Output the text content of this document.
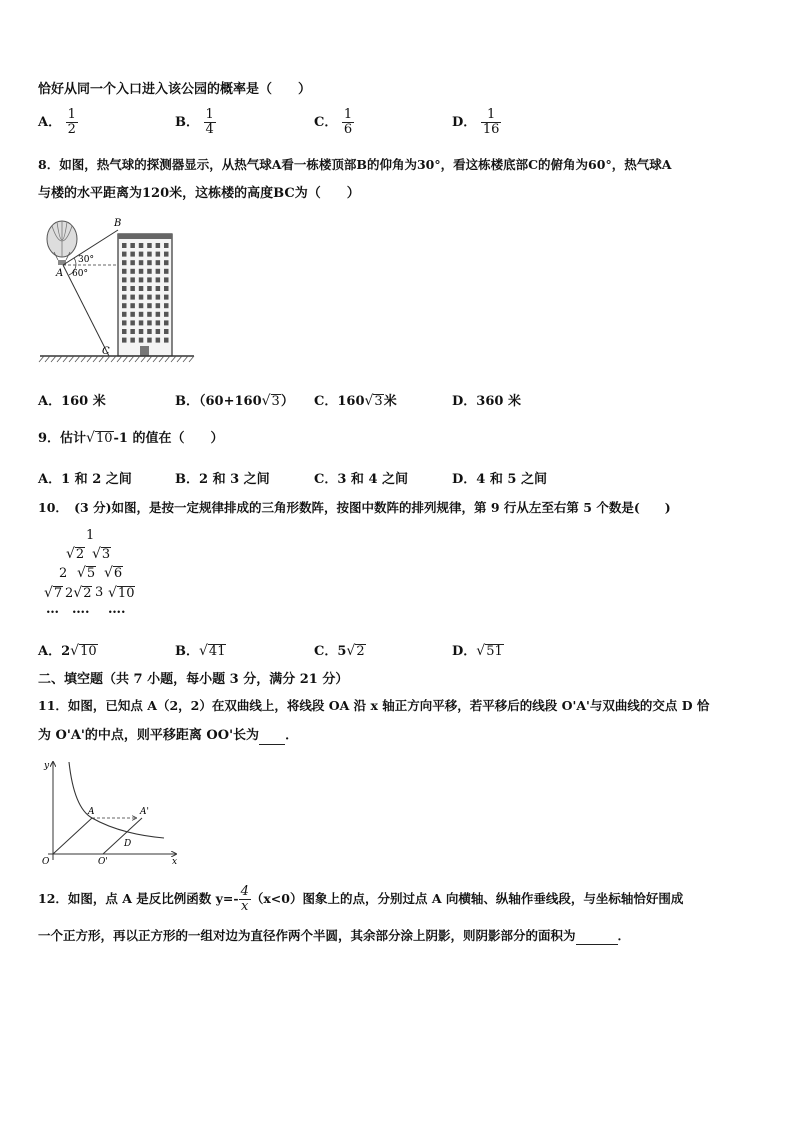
恰好从同一个入口进入该公园的概率是（　　）
A． $\frac{1}{2}$	B． $\frac{1}{4}$	C． $\frac{1}{6}$	D． $\frac{1}{16}$
8．如图，热气球的探测器显示，从热气球A看一栋楼顶部B的仰角为30°，看这栋楼底部C的俯角为60°，热气球A
与楼的水平距离为120米，这栋楼的高度BC为（　　）
B
A
C
30°
60°
A．160 米	B．（60+160√3） C．160√3米	D．360 米
9．估计√10-1 的值在（　　）
A．1 和 2 之间	B．2 和 3 之间	C．3 和 4 之间	D．4 和 5 之间
10．　(3 分)如图，是按一定规律排成的三角形数阵，按图中数阵的排列规律，第 9 行从左至右第 5 个数是(　　)
1
√2 √3
2 √5 √6
√7 2√2 3 √10
… …. ….
A．2√10	B．√41	C．5√2	D．√51
二、填空题（共 7 小题，每小题 3 分，满分 21 分）
11．如图，已知点 A（2，2）在双曲线上，将线段 OA 沿 x 轴正方向平移，若平移后的线段 O'A'与双曲线的交点 D 恰
为 O'A'的中点，则平移距离 OO'长为 ．
y
x
O
A	A'
D
O'
12．如图，点 A 是反比例函数 $y=- \frac{4}{x} (x<0)$图象上的点，分别过点 A 向横轴、纵轴作垂线段，与坐标轴恰好围成
一个正方形，再以正方形的一组对边为直径作两个半圆，其余部分涂上阴影，则阴影部分的面积为	．
